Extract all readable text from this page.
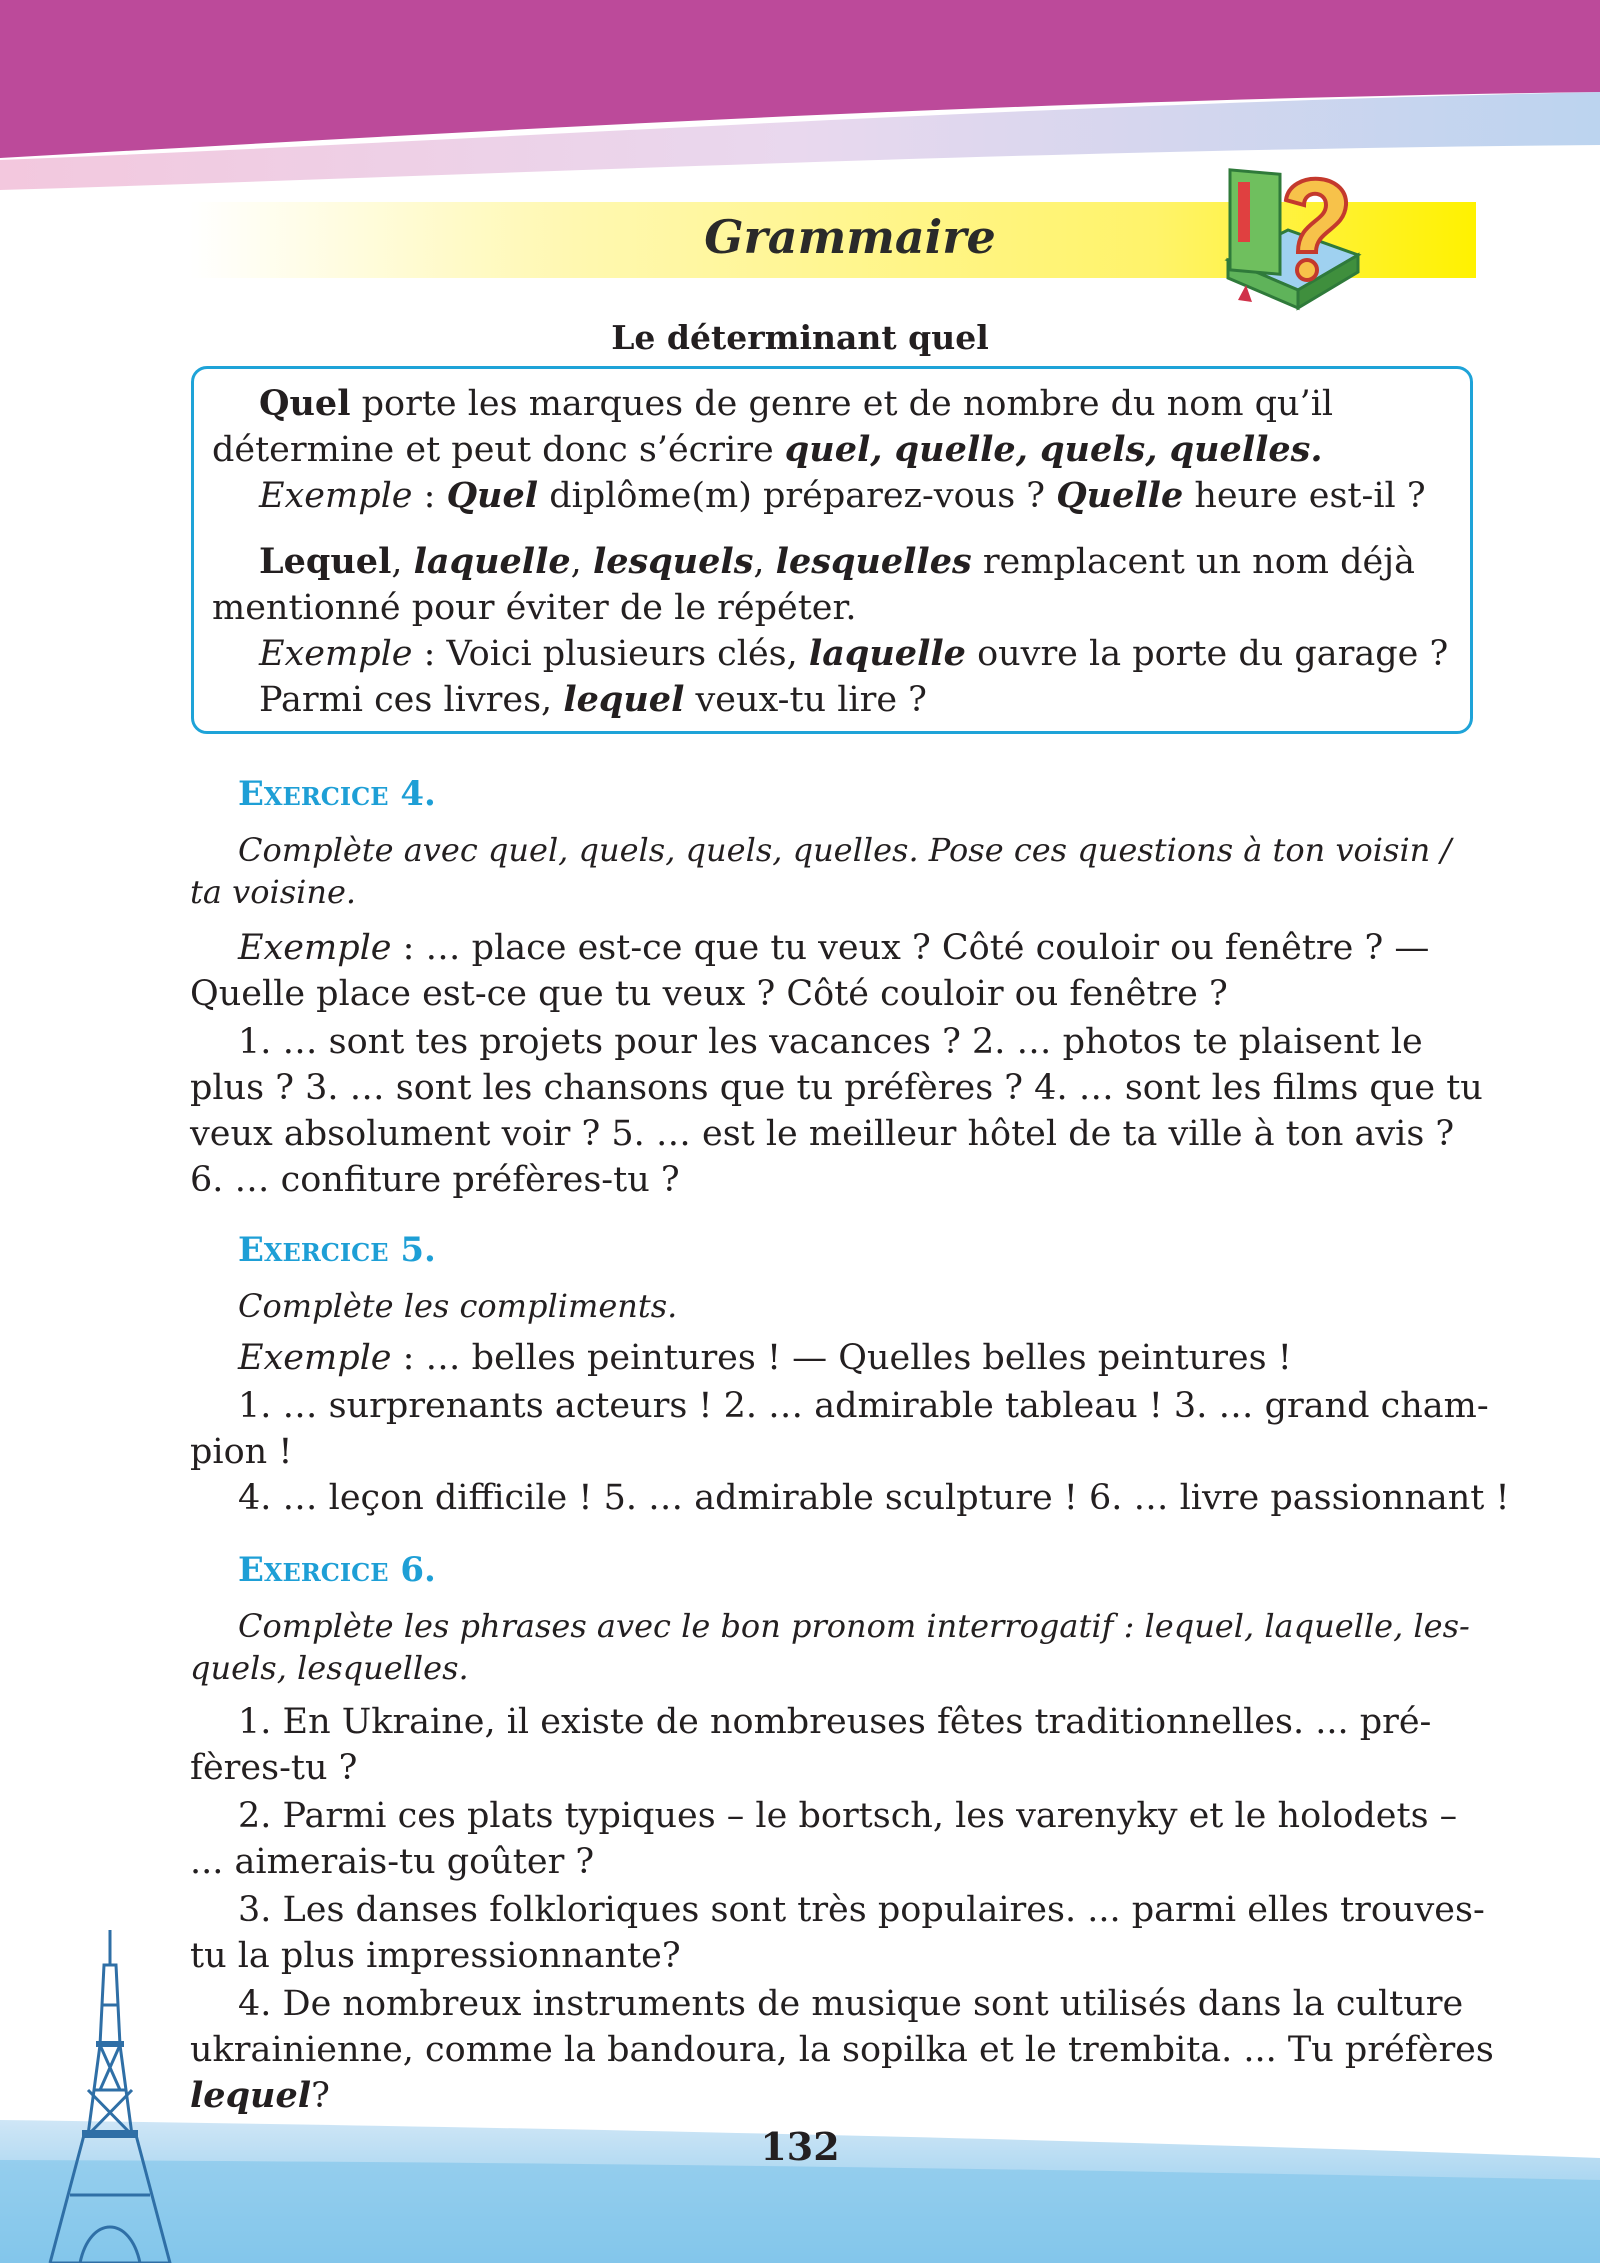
Grammaire
Le déterminant quel
Quel porte les marques de genre et de nombre du nom qu’il
détermine et peut donc s’écrire quel, quelle, quels, quelles.
Exemple : Quel diplôme(m) préparez-vous ? Quelle heure est-il ?
Lequel, laquelle, lesquels, lesquelles remplacent un nom déjà
mentionné pour éviter de le répéter.
Exemple : Voici plusieurs clés, laquelle ouvre la porte du garage ?
Parmi ces livres, lequel veux-tu lire ?
Exercice 4.
Complète avec quel, quels, quels, quelles. Pose ces questions à ton voisin /
ta voisine.
Exemple : … place est-ce que tu veux ? Côté couloir ou fenêtre ? —
Quelle place est-ce que tu veux ? Côté couloir ou fenêtre ?
1. … sont tes projets pour les vacances ? 2. … photos te plaisent le
plus ? 3. … sont les chansons que tu préfères ? 4. … sont les films que tu
veux absolument voir ? 5. … est le meilleur hôtel de ta ville à ton avis ?
6. … confiture préfères-tu ?
Exercice 5.
Complète les compliments.
Exemple : … belles peintures ! — Quelles belles peintures !
1. … surprenants acteurs ! 2. … admirable tableau ! 3. … grand cham-
pion !
4. … leçon difficile ! 5. … admirable sculpture ! 6. … livre passionnant !
Exercice 6.
Complète les phrases avec le bon pronom interrogatif : lequel, laquelle, les-
quels, lesquelles.
1. En Ukraine, il existe de nombreuses fêtes traditionnelles. ... pré-
fères-tu ?
2. Parmi ces plats typiques – le bortsch, les varenyky et le holodets –
... aimerais-tu goûter ?
3. Les danses folkloriques sont très populaires. ... parmi elles trouves-
tu la plus impressionnante?
4. De nombreux instruments de musique sont utilisés dans la culture
ukrainienne, comme la bandoura, la sopilka et le trembita. ... Tu préfères
lequel?
132
